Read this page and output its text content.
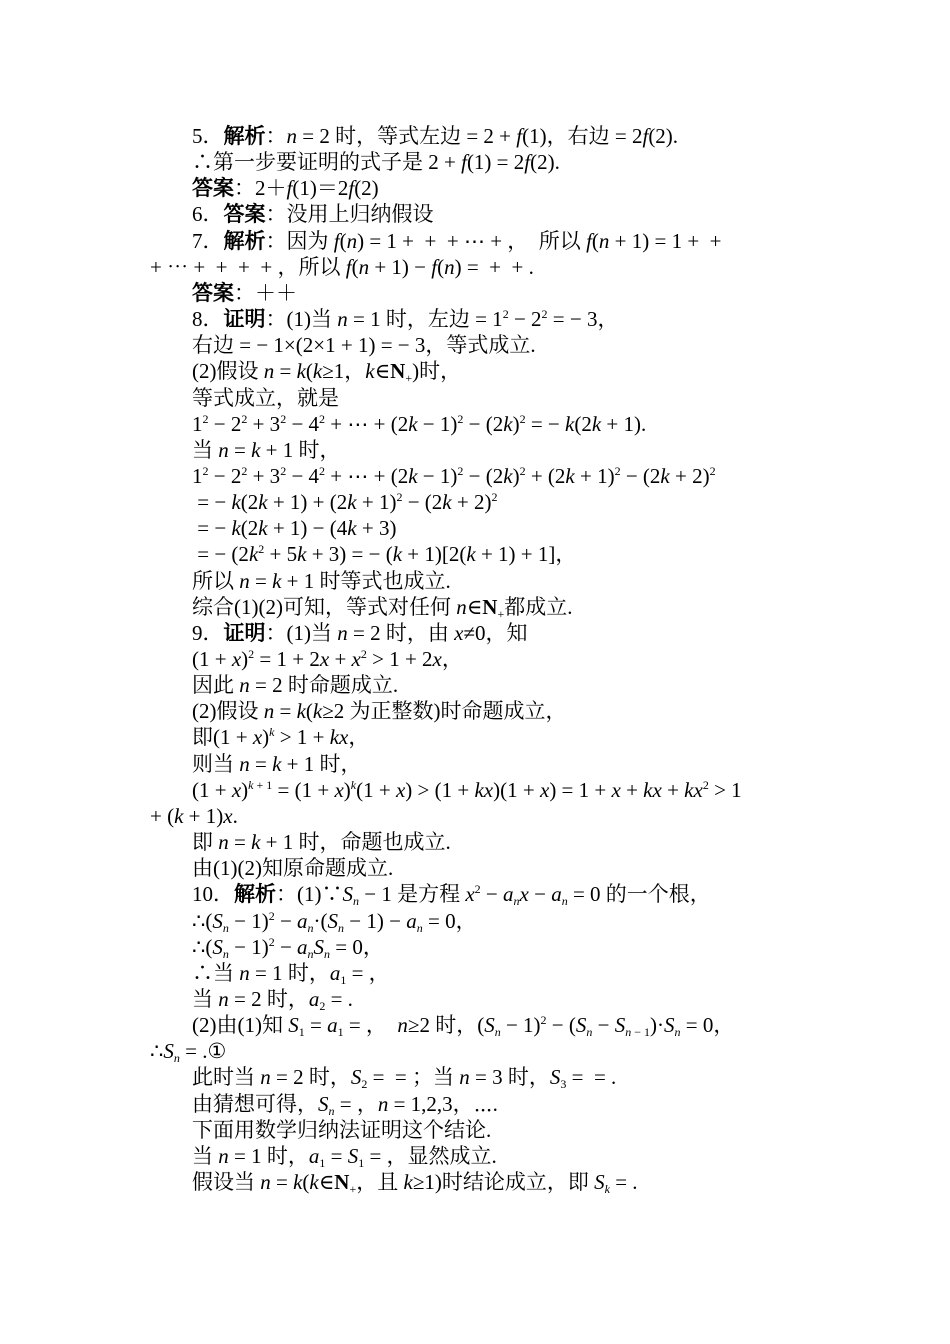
5．解析：n = 2 时，等式左边 = 2 + f(1)，右边 = 2f(2).
∴第一步要证明的式子是 2 + f(1) = 2f(2).
答案：2＋f(1)＝2f(2)
6．答案：没用上归纳假设
7．解析：因为 f(n) = 1 +  +  + ⋯ + ，  所以 f(n + 1) = 1 +  +
+ ⋯ +  +  +  + ，所以 f(n + 1) − f(n) =  +  + .
答案：＋＋
8．证明：(1)当 n = 1 时，左边 = $1^2 - 2^2$ = − 3，
右边 = − 1×(2×1 + 1) = − 3，等式成立.
(2)假设 n = k(k≥1，$k\in N_+$)时，
等式成立，就是
$1^2 - 2^2 + 3^2 - 4^2$ + ⋯ + $(2k - 1)^2 - (2k)^2$ = − k(2k + 1).
当 n = k + 1 时，
$1^2 - 2^2 + 3^2 - 4^2$ + ⋯ + $(2k - 1)^2 - (2k)^2 + (2k + 1)^2 - (2k + 2)^2$
= − $k(2k + 1) + (2k + 1)^2 - (2k + 2)^2$
= − k(2k + 1) − (4k + 3)
= − $(2k^2 + 5k + 3)$ = − (k + 1)[2(k + 1) + 1]，
所以 n = k + 1 时等式也成立.
综合(1)(2)可知，等式对任何 $n\in N_+$都成立.
9．证明：(1)当 n = 2 时，由 x≠0，知
$(1 + x)^2 = 1 + 2x + x^2 > 1 + 2x$，
因此 n = 2 时命题成立.
(2)假设 n = k(k≥2 为正整数)时命题成立，
即$(1 + x)^k > 1$ + kx，
则当 n = k + 1 时，
$(1 + x)^{k + 1} = (1 + x)^k(1 + x) > (1 + kx)(1 + x) = 1 + x$ + kx + $kx^2 > 1$
+ (k + 1)x.
即 n = k + 1 时，命题也成立.
由(1)(2)知原命题成立.
10．解析：$(1)\because S_n - 1$ 是方程 $x^2 - a_nx - a_n = 0$ 的一个根，
$\therefore(S_n - 1)^2 - a_n\cdot(S_n - 1) - a_n = 0$，
$\therefore(S_n - 1)^2 - a_nS_n = 0$，
∴当 n = 1 时，$a_1$ = ，
当 n = 2 时，$a_2$ = .
(2)由(1)知 $S_1 = a_1$ = ，  n≥2 时，$(S_n - 1)^2 - (S_n - S_{n - 1})\cdot S_n = 0$，
$\therefore S_n$ = .①
此时当 n = 2 时，$S_2$ =  = ；当 n = 3 时，$S_3$ =  = .
由猜想可得，$S_n$ = ，n = 1,2,3，⋯.
下面用数学归纳法证明这个结论.
当 n = 1 时，$a_1 = S_1$ = ，显然成立.
假设当 $n = k(k\in N_+$，且 k≥1)时结论成立，即 $S_k$ = .
